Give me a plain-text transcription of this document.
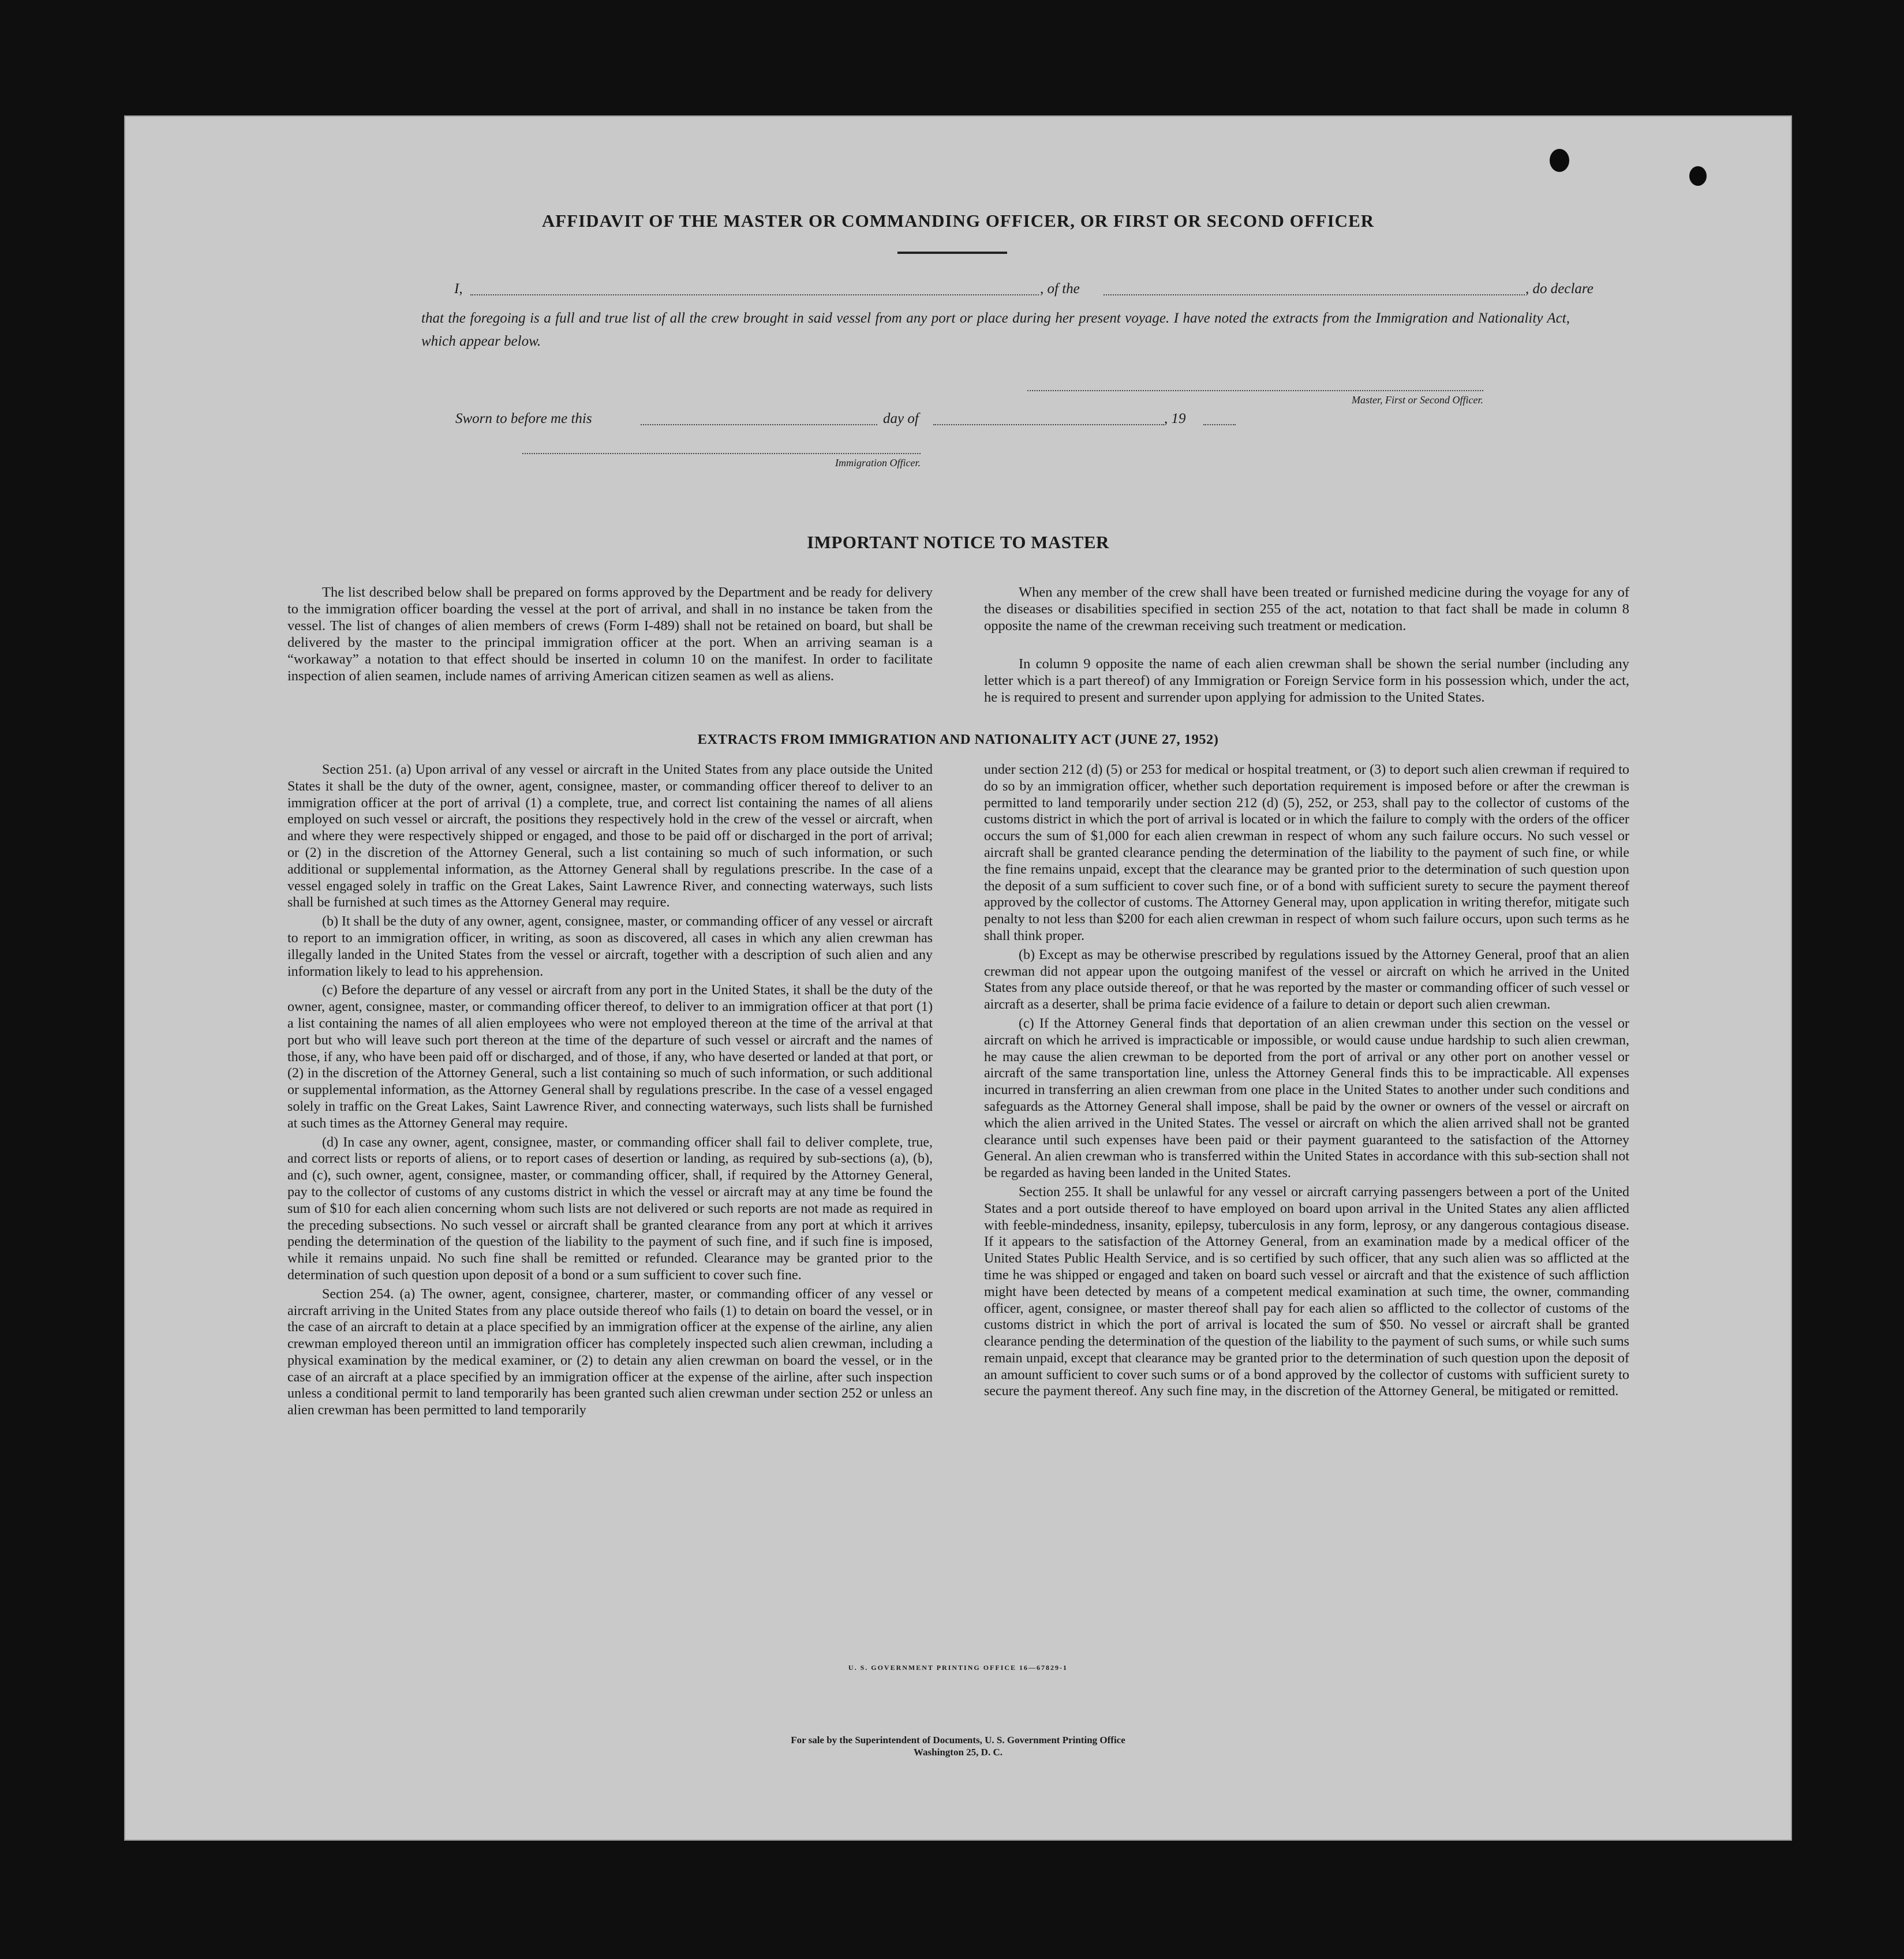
AFFIDAVIT OF THE MASTER OR COMMANDING OFFICER, OR FIRST OR SECOND OFFICER
I,	, of the	, do declare
that the foregoing is a full and true list of all the crew brought in said vessel from any port or place during her present voyage. I have noted the extracts from the Immigration and Nationality Act, which appear below.
Master, First or Second Officer.
Sworn to before me this	day of	, 19
Immigration Officer.
IMPORTANT NOTICE TO MASTER

The list described below shall be prepared on forms approved by the Department and be ready for delivery to the immigration officer boarding the vessel at the port of arrival, and shall in no instance be taken from the vessel. The list of changes of alien members of crews (Form I-489) shall not be retained on board, but shall be delivered by the master to the principal immigration officer at the port. When an arriving seaman is a “workaway” a notation to that effect should be inserted in column 10 on the manifest. In order to facilitate inspection of alien seamen, include names of arriving American citizen seamen as well as aliens.

When any member of the crew shall have been treated or furnished medicine during the voyage for any of the diseases or disabilities specified in section 255 of the act, notation to that fact shall be made in column 8 opposite the name of the crewman receiving such treatment or medication.

In column 9 opposite the name of each alien crewman shall be shown the serial number (including any letter which is a part thereof) of any Immigration or Foreign Service form in his possession which, under the act, he is required to present and surrender upon applying for admission to the United States.

EXTRACTS FROM IMMIGRATION AND NATIONALITY ACT (JUNE 27, 1952)

Section 251. (a) Upon arrival of any vessel or aircraft in the United States from any place outside the United States it shall be the duty of the owner, agent, consignee, master, or commanding officer thereof to deliver to an immigration officer at the port of arrival (1) a complete, true, and correct list containing the names of all aliens employed on such vessel or aircraft, the positions they respectively hold in the crew of the vessel or aircraft, when and where they were respectively shipped or engaged, and those to be paid off or discharged in the port of arrival; or (2) in the discretion of the Attorney General, such a list containing so much of such information, or such additional or supplemental information, as the Attorney General shall by regulations prescribe. In the case of a vessel engaged solely in traffic on the Great Lakes, Saint Lawrence River, and connecting waterways, such lists shall be furnished at such times as the Attorney General may require.

(b) It shall be the duty of any owner, agent, consignee, master, or commanding officer of any vessel or aircraft to report to an immigration officer, in writing, as soon as discovered, all cases in which any alien crewman has illegally landed in the United States from the vessel or aircraft, together with a description of such alien and any information likely to lead to his apprehension.

(c) Before the departure of any vessel or aircraft from any port in the United States, it shall be the duty of the owner, agent, consignee, master, or commanding officer thereof, to deliver to an immigration officer at that port (1) a list containing the names of all alien employees who were not employed thereon at the time of the arrival at that port but who will leave such port thereon at the time of the departure of such vessel or aircraft and the names of those, if any, who have been paid off or discharged, and of those, if any, who have deserted or landed at that port, or (2) in the discretion of the Attorney General, such a list containing so much of such information, or such additional or supplemental information, as the Attorney General shall by regulations prescribe. In the case of a vessel engaged solely in traffic on the Great Lakes, Saint Lawrence River, and connecting waterways, such lists shall be furnished at such times as the Attorney General may require.

(d) In case any owner, agent, consignee, master, or commanding officer shall fail to deliver complete, true, and correct lists or reports of aliens, or to report cases of desertion or landing, as required by sub-sections (a), (b), and (c), such owner, agent, consignee, master, or commanding officer, shall, if required by the Attorney General, pay to the collector of customs of any customs district in which the vessel or aircraft may at any time be found the sum of $10 for each alien concerning whom such lists are not delivered or such reports are not made as required in the preceding subsections. No such vessel or aircraft shall be granted clearance from any port at which it arrives pending the determination of the question of the liability to the payment of such fine, and if such fine is imposed, while it remains unpaid. No such fine shall be remitted or refunded. Clearance may be granted prior to the determination of such question upon deposit of a bond or a sum sufficient to cover such fine.

Section 254. (a) The owner, agent, consignee, charterer, master, or commanding officer of any vessel or aircraft arriving in the United States from any place outside thereof who fails (1) to detain on board the vessel, or in the case of an aircraft to detain at a place specified by an immigration officer at the expense of the airline, any alien crewman employed thereon until an immigration officer has completely inspected such alien crewman, including a physical examination by the medical examiner, or (2) to detain any alien crewman on board the vessel, or in the case of an aircraft at a place specified by an immigration officer at the expense of the airline, after such inspection unless a conditional permit to land temporarily has been granted such alien crewman under section 252 or unless an alien crewman has been permitted to land temporarily

under section 212 (d) (5) or 253 for medical or hospital treatment, or (3) to deport such alien crewman if required to do so by an immigration officer, whether such deportation requirement is imposed before or after the crewman is permitted to land temporarily under section 212 (d) (5), 252, or 253, shall pay to the collector of customs of the customs district in which the port of arrival is located or in which the failure to comply with the orders of the officer occurs the sum of $1,000 for each alien crewman in respect of whom any such failure occurs. No such vessel or aircraft shall be granted clearance pending the determination of the liability to the payment of such fine, or while the fine remains unpaid, except that the clearance may be granted prior to the determination of such question upon the deposit of a sum sufficient to cover such fine, or of a bond with sufficient surety to secure the payment thereof approved by the collector of customs. The Attorney General may, upon application in writing therefor, mitigate such penalty to not less than $200 for each alien crewman in respect of whom such failure occurs, upon such terms as he shall think proper.

(b) Except as may be otherwise prescribed by regulations issued by the Attorney General, proof that an alien crewman did not appear upon the outgoing manifest of the vessel or aircraft on which he arrived in the United States from any place outside thereof, or that he was reported by the master or commanding officer of such vessel or aircraft as a deserter, shall be prima facie evidence of a failure to detain or deport such alien crewman.

(c) If the Attorney General finds that deportation of an alien crewman under this section on the vessel or aircraft on which he arrived is impracticable or impossible, or would cause undue hardship to such alien crewman, he may cause the alien crewman to be deported from the port of arrival or any other port on another vessel or aircraft of the same transportation line, unless the Attorney General finds this to be impracticable. All expenses incurred in transferring an alien crewman from one place in the United States to another under such conditions and safeguards as the Attorney General shall impose, shall be paid by the owner or owners of the vessel or aircraft on which the alien arrived in the United States. The vessel or aircraft on which the alien arrived shall not be granted clearance until such expenses have been paid or their payment guaranteed to the satisfaction of the Attorney General. An alien crewman who is transferred within the United States in accordance with this sub-section shall not be regarded as having been landed in the United States.

Section 255. It shall be unlawful for any vessel or aircraft carrying passengers between a port of the United States and a port outside thereof to have employed on board upon arrival in the United States any alien afflicted with feeble-mindedness, insanity, epilepsy, tuberculosis in any form, leprosy, or any dangerous contagious disease. If it appears to the satisfaction of the Attorney General, from an examination made by a medical officer of the United States Public Health Service, and is so certified by such officer, that any such alien was so afflicted at the time he was shipped or engaged and taken on board such vessel or aircraft and that the existence of such affliction might have been detected by means of a competent medical examination at such time, the owner, commanding officer, agent, consignee, or master thereof shall pay for each alien so afflicted to the collector of customs of the customs district in which the port of arrival is located the sum of $50. No vessel or aircraft shall be granted clearance pending the determination of the question of the liability to the payment of such sums, or while such sums remain unpaid, except that clearance may be granted prior to the determination of such question upon the deposit of an amount sufficient to cover such sums or of a bond approved by the collector of customs with sufficient surety to secure the payment thereof. Any such fine may, in the discretion of the Attorney General, be mitigated or remitted.

U. S. GOVERNMENT PRINTING OFFICE 16—67829-1
For sale by the Superintendent of Documents, U. S. Government Printing Office
Washington 25, D. C.
